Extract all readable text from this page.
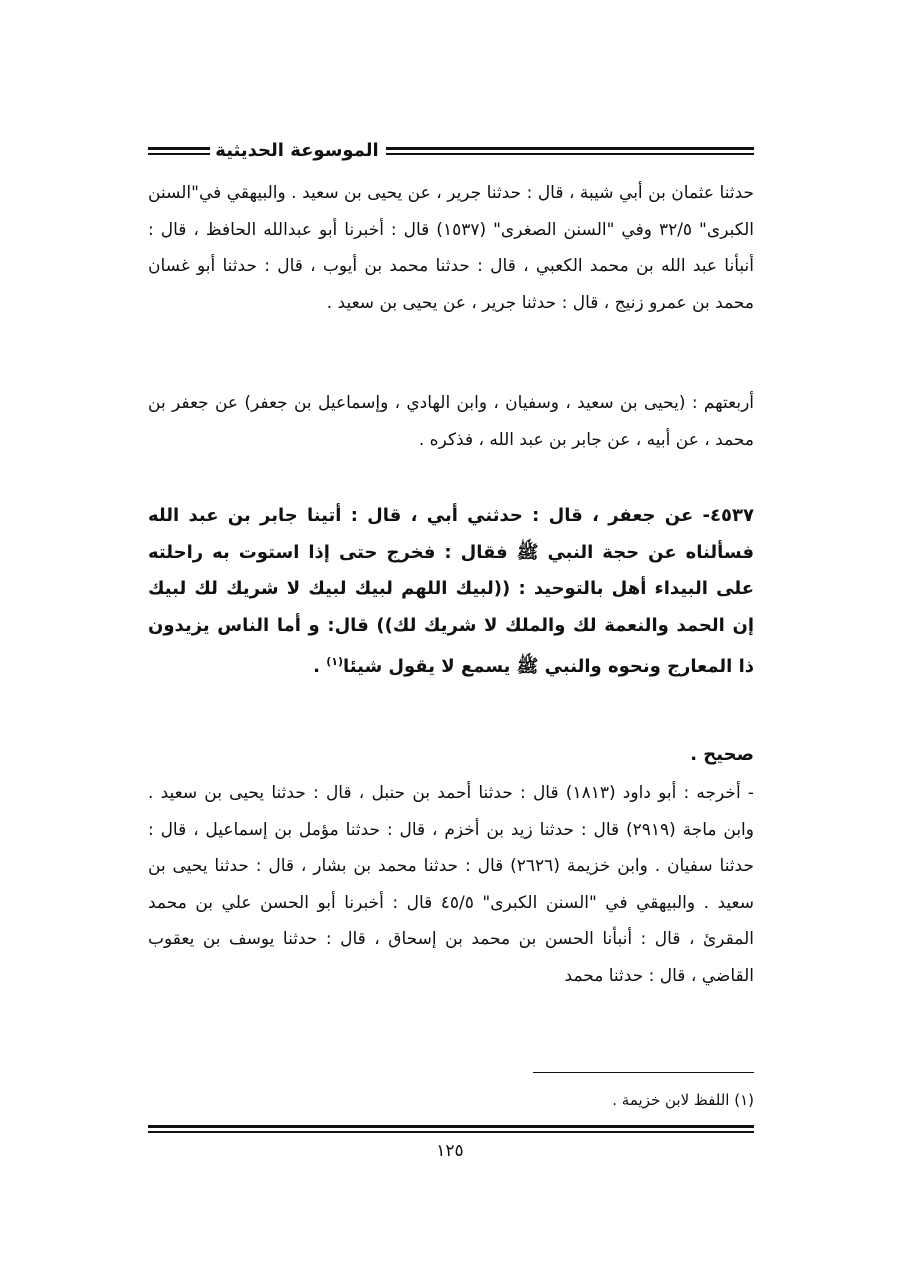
الموسوعة الحديثية
حدثنا عثمان بن أبي شيبة ، قال : حدثنا جرير ، عن يحيى بن سعيد . والبيهقي في"السنن الكبرى" ٣٢/٥ وفي "السنن الصغرى" (١٥٣٧) قال : أخبرنا أبو عبدالله الحافظ ، قال : أنبأنا عبد الله بن محمد الكعبي ، قال : حدثنا محمد بن أيوب ، قال : حدثنا أبو غسان محمد بن عمرو زنيج ، قال : حدثنا جرير ، عن يحيى بن سعيد .
أربعتهم : (يحيى بن سعيد ، وسفيان ، وابن الهادي ، وإسماعيل بن جعفر) عن جعفر بن محمد ، عن أبيه ، عن جابر بن عبد الله ، فذكره .
٤٥٣٧- عن جعفر ، قال : حدثني أبي ، قال : أتينا جابر بن عبد الله فسألناه عن حجة النبي ﷺ فقال : فخرج حتى إذا استوت به راحلته على البيداء أهل بالتوحيد : ((لبيك اللهم لبيك لبيك لا شريك لك لبيك إن الحمد والنعمة لك والملك لا شريك لك)) قال: و أما الناس يزيدون ذا المعارج ونحوه والنبي ﷺ يسمع لا يقول شيئا$^{(١)}$ .
صحيح .
- أخرجه : أبو داود (١٨١٣) قال : حدثنا أحمد بن حنبل ، قال : حدثنا يحيى بن سعيد . وابن ماجة (٢٩١٩) قال : حدثنا زيد بن أخزم ، قال : حدثنا مؤمل بن إسماعيل ، قال : حدثنا سفيان . وابن خزيمة (٢٦٢٦) قال : حدثنا محمد بن بشار ، قال : حدثنا يحيى بن سعيد . والبيهقي في "السنن الكبرى" ٤٥/٥ قال : أخبرنا أبو الحسن علي بن محمد المقرئ ، قال : أنبأنا الحسن بن محمد بن إسحاق ، قال : حدثنا يوسف بن يعقوب القاضي ، قال : حدثنا محمد
(١) اللفظ لابن خزيمة .
١٢٥
